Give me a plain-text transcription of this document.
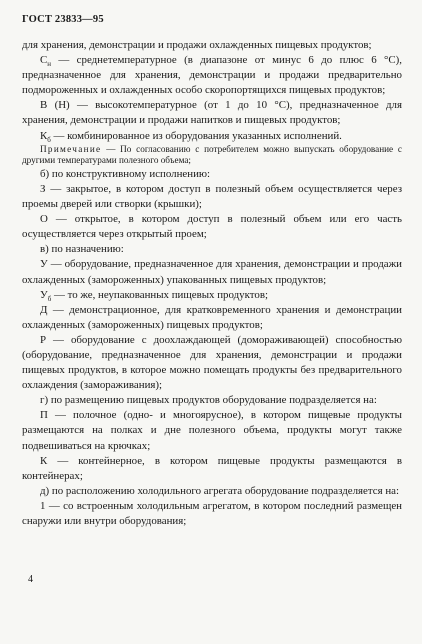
ГОСТ 23833—95

для хранения, демонстрации и продажи охлажденных пищевых продуктов;

$С_н$ — среднетемпературное (в диапазоне от минус 6 до плюс 6 °С), предназначенное для хранения, демонстрации и продажи предварительно подмороженных и охлажденных особо скоропортящихся пищевых продуктов;

В (Н) — высокотемпературное (от 1 до 10 °С), предназначенное для хранения, демонстрации и продажи напитков и пищевых продуктов;

$К_б$ — комбинированное из оборудования указанных исполнений.

Примечание — По согласованию с потребителем можно выпускать оборудование с другими температурами полезного объема;

б) по конструктивному исполнению:

З — закрытое, в котором доступ в полезный объем осуществляется через проемы дверей или створки (крышки);

О — открытое, в котором доступ в полезный объем или его часть осуществляется через открытый проем;

в) по назначению:

У — оборудование, предназначенное для хранения, демонстрации и продажи охлажденных (замороженных) упакованных пищевых продуктов;

$У_б$ — то же, неупакованных пищевых продуктов;

Д — демонстрационное, для кратковременного хранения и демонстрации охлажденных (замороженных) пищевых продуктов;

Р — оборудование с доохлаждающей (домораживающей) способностью (оборудование, предназначенное для хранения, демонстрации и продажи пищевых продуктов, в которое можно помещать продукты без предварительного охлаждения (замораживания);

г) по размещению пищевых продуктов оборудование подразделяется на:

П — полочное (одно- и многоярусное), в котором пищевые продукты размещаются на полках и дне полезного объема, продукты могут также подвешиваться на крючках;

К — контейнерное, в котором пищевые продукты размещаются в контейнерах;

д) по расположению холодильного агрегата оборудование подразделяется на:

1 — со встроенным холодильным агрегатом, в котором последний размещен снаружи или внутри оборудования;

4
